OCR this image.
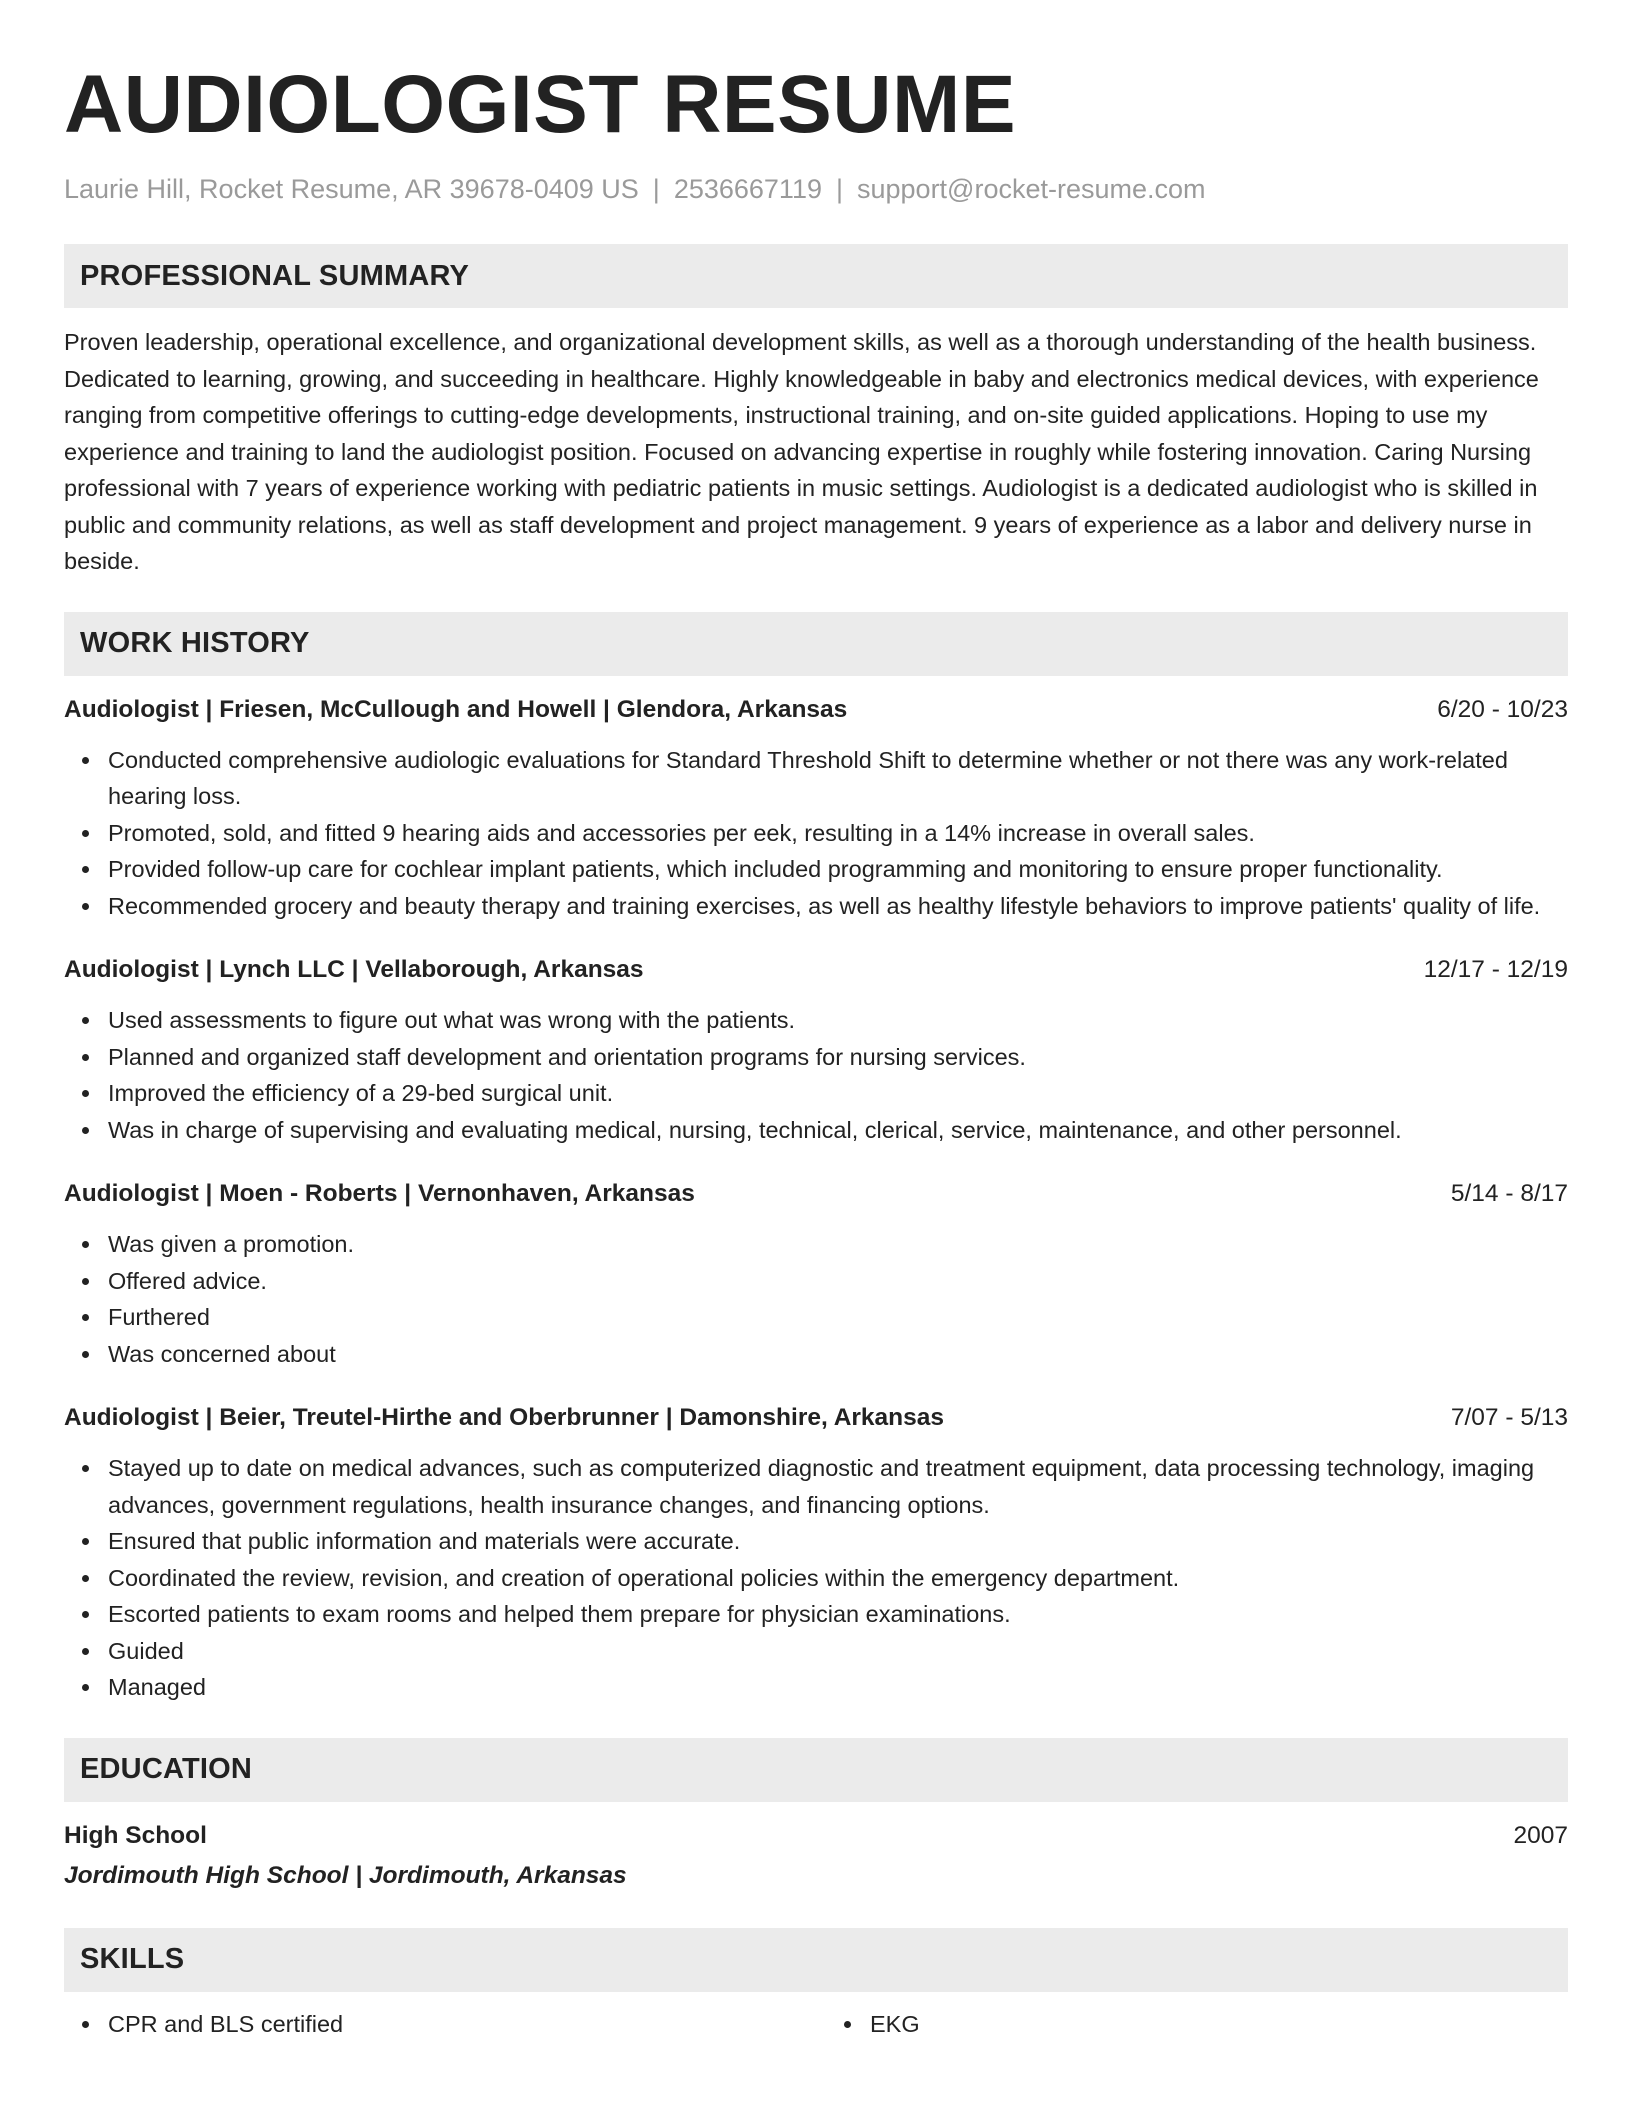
AUDIOLOGIST RESUME
Laurie Hill, Rocket Resume, AR 39678-0409 US | 2536667119 | support@rocket-resume.com
PROFESSIONAL SUMMARY
Proven leadership, operational excellence, and organizational development skills, as well as a thorough understanding of the health business. Dedicated to learning, growing, and succeeding in healthcare. Highly knowledgeable in baby and electronics medical devices, with experience ranging from competitive offerings to cutting-edge developments, instructional training, and on-site guided applications. Hoping to use my experience and training to land the audiologist position. Focused on advancing expertise in roughly while fostering innovation. Caring Nursing professional with 7 years of experience working with pediatric patients in music settings. Audiologist is a dedicated audiologist who is skilled in public and community relations, as well as staff development and project management. 9 years of experience as a labor and delivery nurse in beside.
WORK HISTORY
Audiologist | Friesen, McCullough and Howell | Glendora, Arkansas	6/20 - 10/23
Conducted comprehensive audiologic evaluations for Standard Threshold Shift to determine whether or not there was any work-related hearing loss.
Promoted, sold, and fitted 9 hearing aids and accessories per eek, resulting in a 14% increase in overall sales.
Provided follow-up care for cochlear implant patients, which included programming and monitoring to ensure proper functionality.
Recommended grocery and beauty therapy and training exercises, as well as healthy lifestyle behaviors to improve patients' quality of life.
Audiologist | Lynch LLC | Vellaborough, Arkansas	12/17 - 12/19
Used assessments to figure out what was wrong with the patients.
Planned and organized staff development and orientation programs for nursing services.
Improved the efficiency of a 29-bed surgical unit.
Was in charge of supervising and evaluating medical, nursing, technical, clerical, service, maintenance, and other personnel.
Audiologist | Moen - Roberts | Vernonhaven, Arkansas	5/14 - 8/17
Was given a promotion.
Offered advice.
Furthered
Was concerned about
Audiologist | Beier, Treutel-Hirthe and Oberbrunner | Damonshire, Arkansas	7/07 - 5/13
Stayed up to date on medical advances, such as computerized diagnostic and treatment equipment, data processing technology, imaging advances, government regulations, health insurance changes, and financing options.
Ensured that public information and materials were accurate.
Coordinated the review, revision, and creation of operational policies within the emergency department.
Escorted patients to exam rooms and helped them prepare for physician examinations.
Guided
Managed
EDUCATION
High School	2007
Jordimouth High School | Jordimouth, Arkansas
SKILLS
CPR and BLS certified	EKG
